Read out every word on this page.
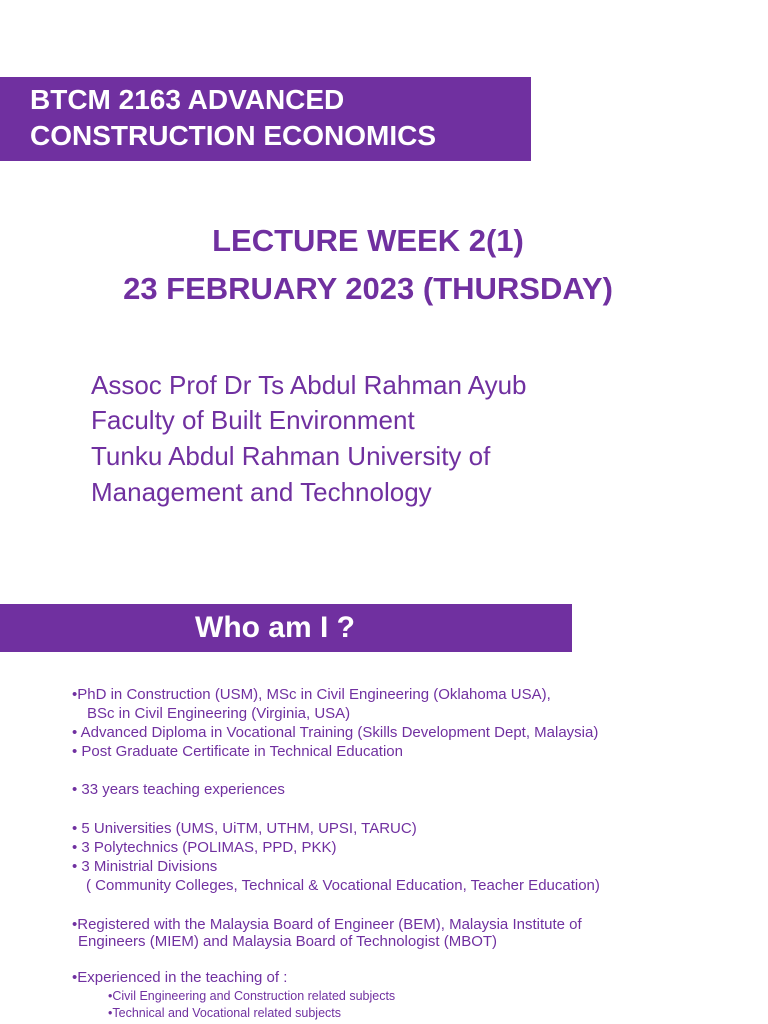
BTCM 2163 ADVANCED
CONSTRUCTION ECONOMICS
LECTURE WEEK 2(1)
23 FEBRUARY 2023 (THURSDAY)
Assoc Prof Dr Ts Abdul Rahman Ayub
Faculty of Built Environment
Tunku Abdul Rahman University of
Management and Technology
Who am I ?
•PhD in Construction (USM), MSc in Civil Engineering (Oklahoma USA),
BSc in Civil Engineering (Virginia, USA)
• Advanced Diploma in Vocational Training (Skills Development Dept, Malaysia)
• Post Graduate Certificate in Technical Education
• 33 years teaching experiences
• 5 Universities (UMS, UiTM, UTHM, UPSI, TARUC)
• 3 Polytechnics (POLIMAS, PPD, PKK)
• 3 Ministrial Divisions
( Community Colleges, Technical & Vocational Education, Teacher Education)
•Registered with the Malaysia Board of Engineer (BEM), Malaysia Institute of
Engineers (MIEM) and Malaysia Board of Technologist (MBOT)
•Experienced in the teaching of :
•Civil Engineering and Construction related subjects
•Technical and Vocational related subjects
